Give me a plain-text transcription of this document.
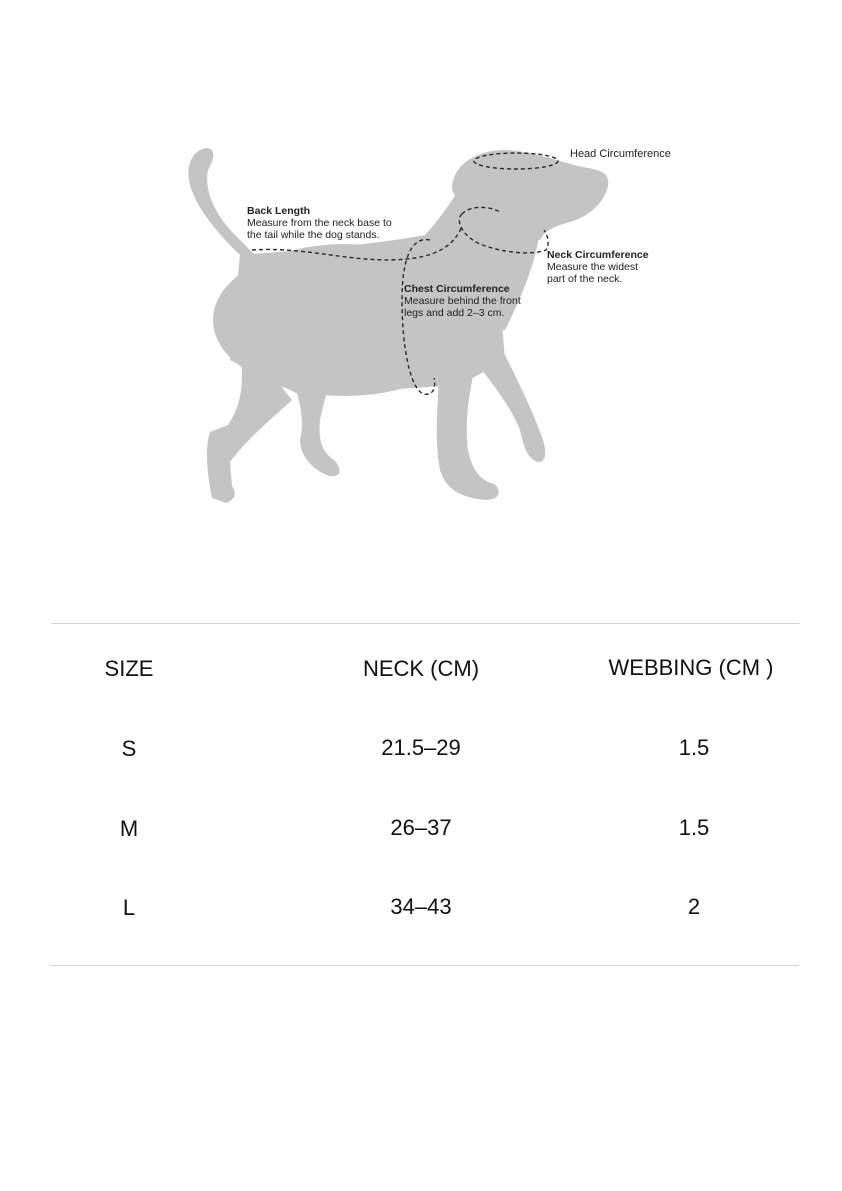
Head Circumference
Back Length
Measure from the neck base to
the tail while the dog stands.
Neck Circumference
Measure the widest
part of the neck.
Chest Circumference
Measure behind the front
legs and add 2–3 cm.
SIZE	NECK (CM)	WEBBING (CM )
S	21.5–29	1.5
M	26–37	1.5
L	34–43	2
